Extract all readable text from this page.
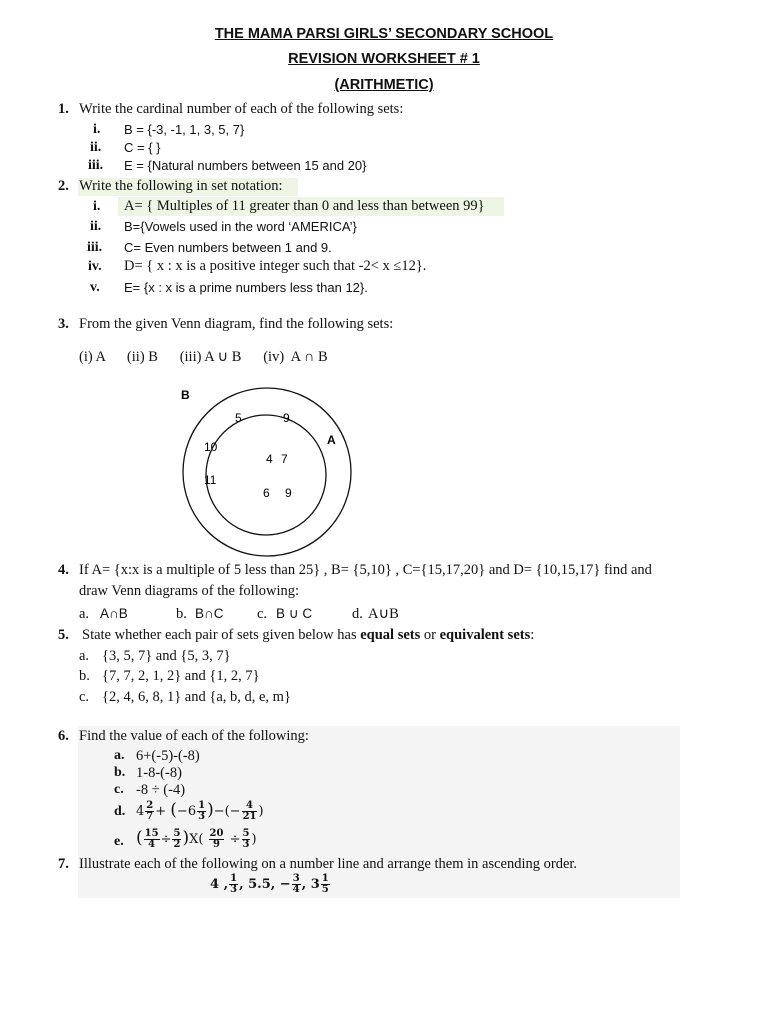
THE MAMA PARSI GIRLS’ SECONDARY SCHOOL
REVISION WORKSHEET # 1
(ARITHMETIC)
1. Write the cardinal number of each of the following sets:
i. B = {-3, -1, 1, 3, 5, 7}
ii. C = { }
iii. E = {Natural numbers between 15 and 20}
2. Write the following in set notation:
i. A= { Multiples of 11 greater than 0 and less than between 99}
ii. B={Vowels used in the word ‘AMERICA’}
iii. C= Even numbers between 1 and 9.
iv. D= { x : x is a positive integer such that -2< x ≤12}.
v. E= {x : x is a prime numbers less than 12}.
3. From the given Venn diagram, find the following sets:
(i) A      (ii) B      (iii) A ∪ B      (iv)  A ∩ B
B
A
5	9
10
11
4 7
6 9
4. If A= {x:x is a multiple of 5 less than 25} , B= {5,10} , C={15,17,20} and D= {10,15,17} find and
draw Venn diagrams of the following:
a. A∩B	b. B∩C c. B ∪ C	d. A∪B
5. State whether each pair of sets given below has equal sets or equivalent sets:
a. {3, 5, 7} and {5, 3, 7}
b. {7, 7, 2, 1, 2} and {1, 2, 7}
c. {2, 4, 6, 8, 1} and {a, b, d, e, m}
6. Find the value of each of the following:
a. 6+(-5)-(-8)
b. 1-8-(-8)
c. -8 ÷ (-4)
d. $4 \frac{2}{7} + (-6 \frac{1}{3}$ )−(− $\frac{4}{21}$ )
e. ( $\frac{15}{4} \div \frac{5}{2} )X( \frac{20}{9} \div \frac{5}{3}$ )
7. Illustrate each of the following on a number line and arrange them in ascending order.
4 , $\frac{1}{3}$ , 5.5, − $\frac{3}{4}$ , $3 \frac{1}{5}$
